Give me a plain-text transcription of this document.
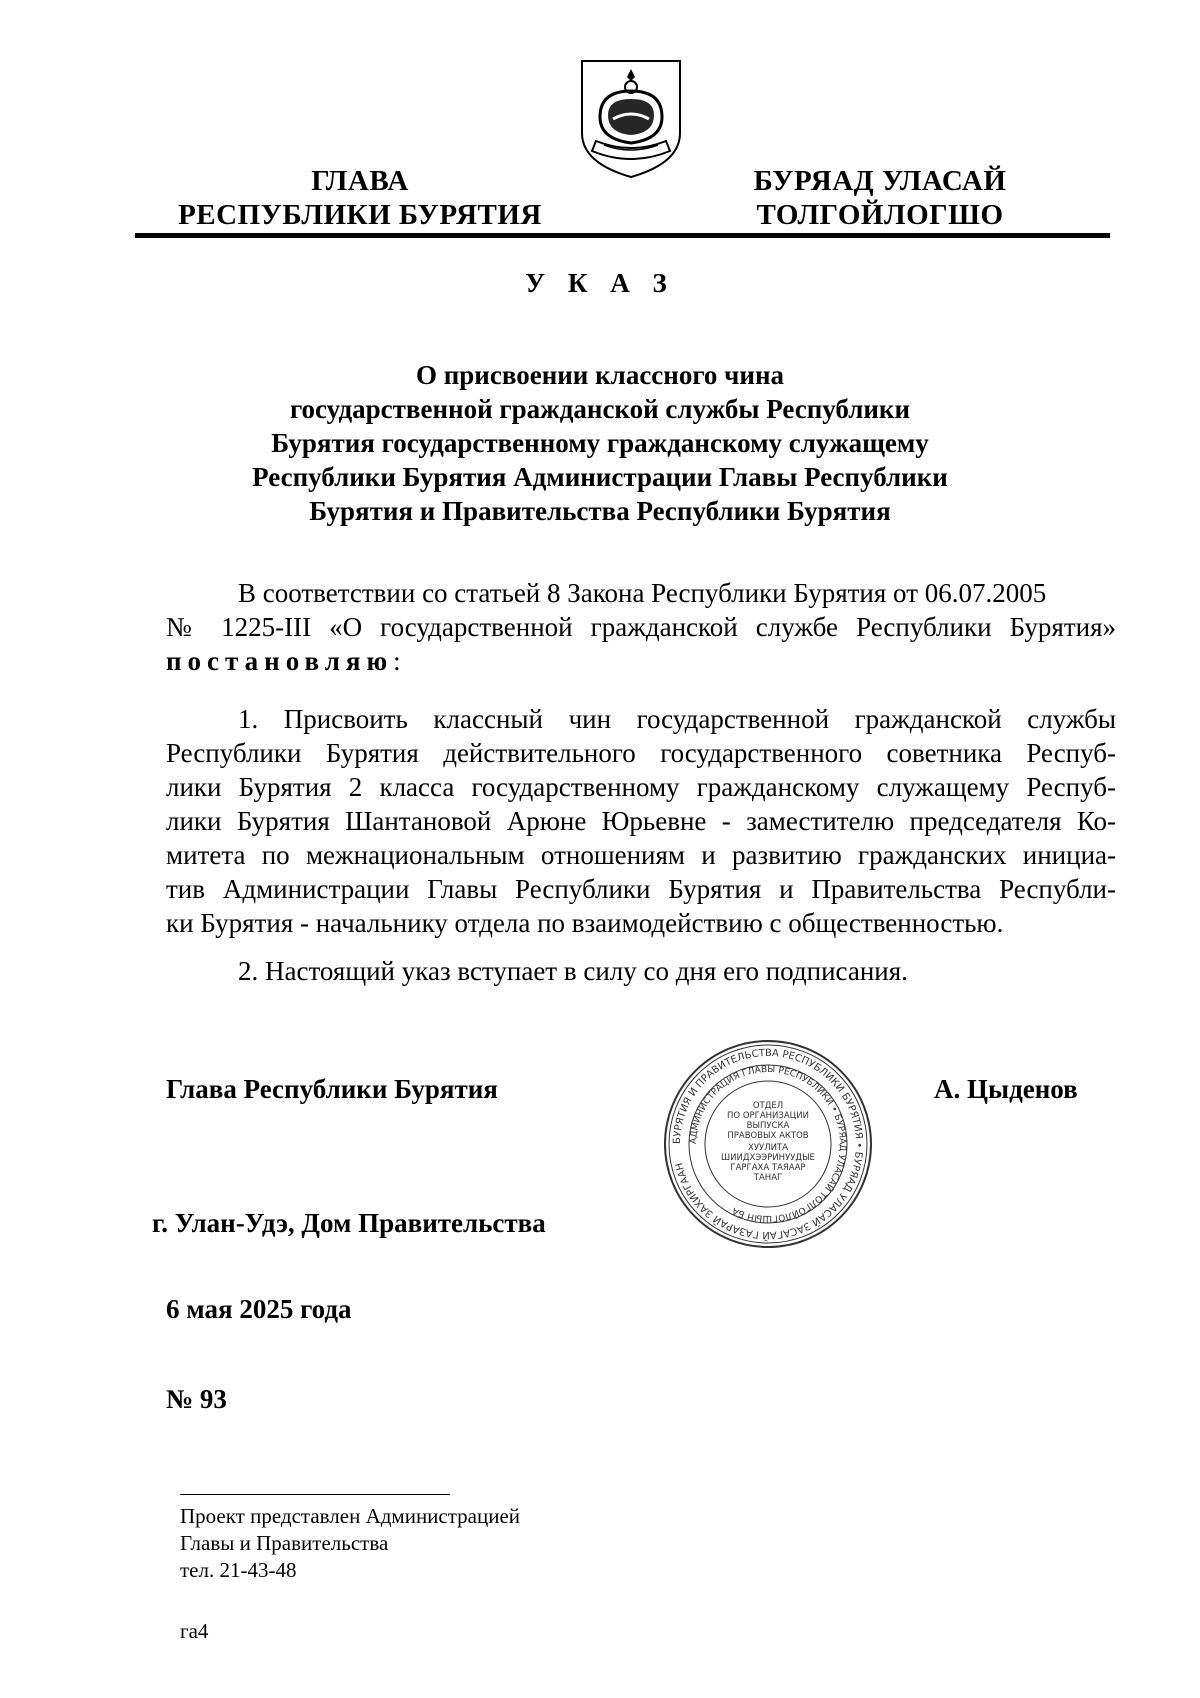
ГЛАВА
РЕСПУБЛИКИ БУРЯТИЯ
БУРЯАД УЛАСАЙ
ТОЛГОЙЛОГШО
У К А З
О присвоении классного чина
государственной гражданской службы Республики
Бурятия государственному гражданскому служащему
Республики Бурятия Администрации Главы Республики
Бурятия и Правительства Республики Бурятия
В соответствии со статьей 8 Закона Республики Бурятия от 06.07.2005
№ 1225-III «О государственной гражданской службе Республики Бурятия»
постановляю:
1. Присвоить классный чин государственной гражданской службы
Республики Бурятия действительного государственного советника Респуб-
лики Бурятия 2 класса государственному гражданскому служащему Респуб-
лики Бурятия Шантановой Арюне Юрьевне - заместителю председателя Ко-
митета по межнациональным отношениям и развитию гражданских инициа-
тив Администрации Главы Республики Бурятия и Правительства Республи-
ки Бурятия - начальнику отдела по взаимодействию с общественностью.
2. Настоящий указ вступает в силу со дня его подписания.
БУРЯТИЯ И ПРАВИТЕЛЬСТВА РЕСПУБЛИКИ БУРЯТИЯ • БУРЯАД УЛАСАЙ ЗАСАГАЙ ГАЗАРАЙ ЗАХИРГААН
АДМИНИСТРАЦИЯ ГЛАВЫ РЕСПУБЛИКИ • БУРЯАД УЛАСАЙ ТОЛГОЙЛОГШЫН БА
ОТДЕЛ
ПО ОРГАНИЗАЦИИ
ВЫПУСКА
ПРАВОВЫХ АКТОВ
ХУУЛИТА
ШИИДХЭЭРИНУУДЫЕ
ГАРГАХА ТАЯААР
ТАНАГ
Глава Республики Бурятия	А. Цыденов
г. Улан-Удэ, Дом Правительства
6 мая 2025 года
№ 93
Проект представлен Администрацией
Главы и Правительства
тел. 21-43-48
га4
